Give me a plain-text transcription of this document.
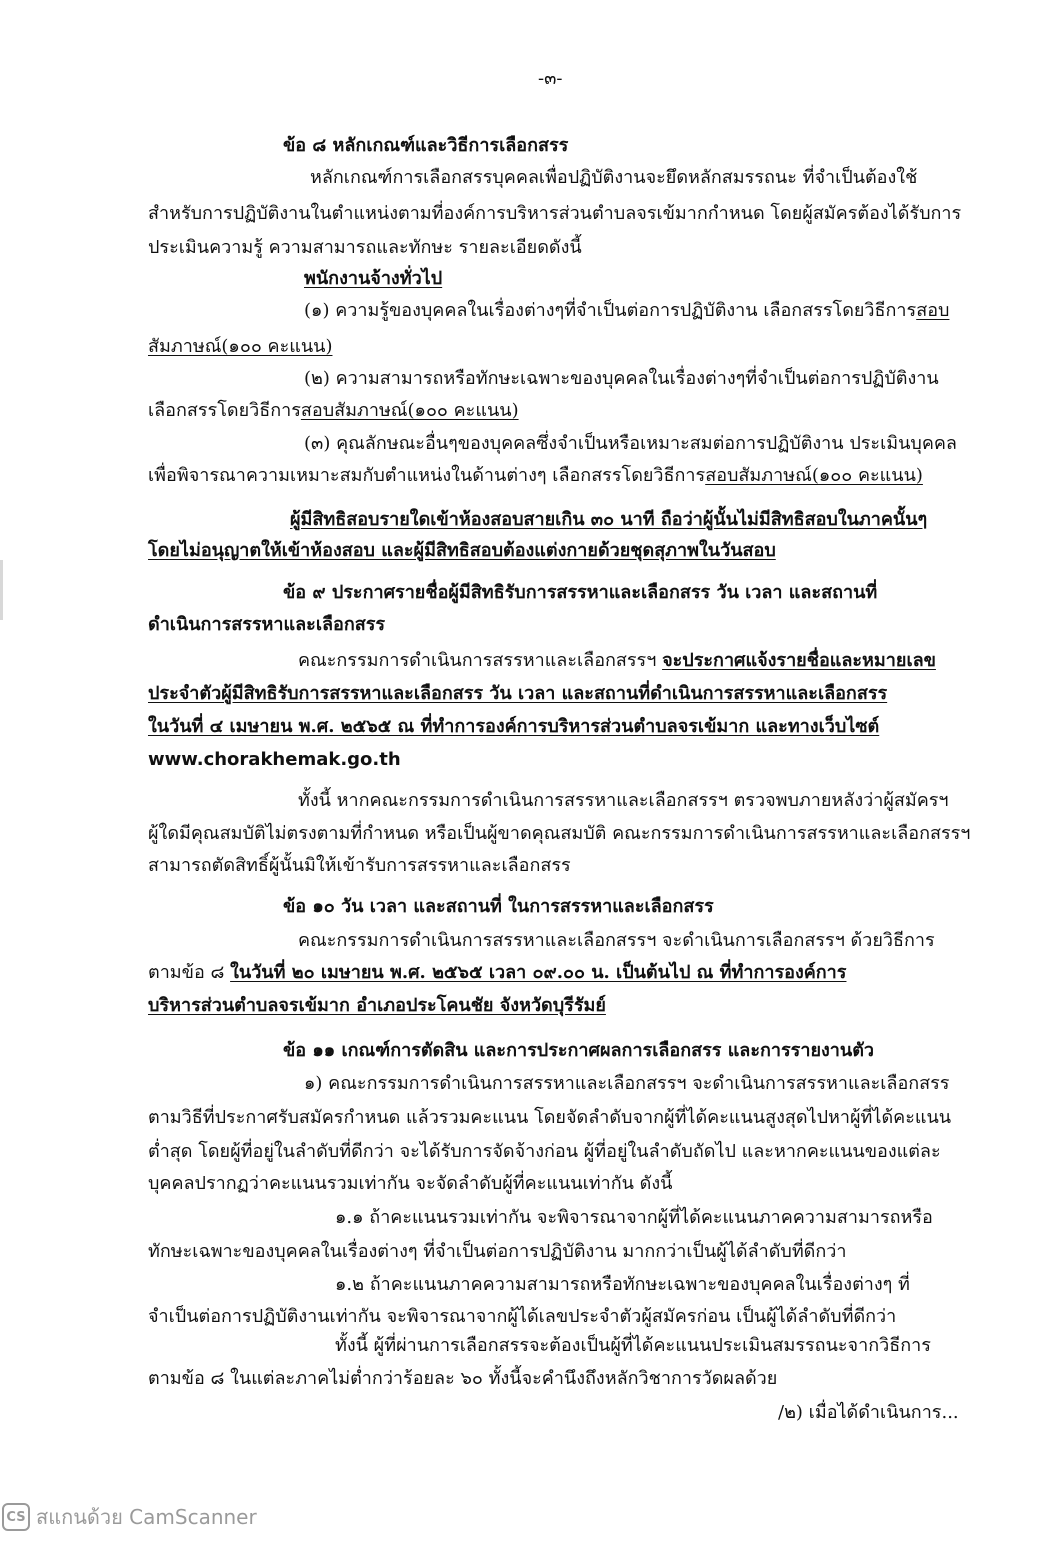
-๓-
ข้อ ๘ หลักเกณฑ์และวิธีการเลือกสรร
หลักเกณฑ์การเลือกสรรบุคคลเพื่อปฏิบัติงานจะยึดหลักสมรรถนะ ที่จำเป็นต้องใช้
สำหรับการปฏิบัติงานในตำแหน่งตามที่องค์การบริหารส่วนตำบลจรเข้มากกำหนด โดยผู้สมัครต้องได้รับการ
ประเมินความรู้ ความสามารถและทักษะ รายละเอียดดังนี้
พนักงานจ้างทั่วไป
(๑) ความรู้ของบุคคลในเรื่องต่างๆที่จำเป็นต่อการปฏิบัติงาน เลือกสรรโดยวิธีการสอบ
สัมภาษณ์(๑๐๐ คะแนน)
(๒) ความสามารถหรือทักษะเฉพาะของบุคคลในเรื่องต่างๆที่จำเป็นต่อการปฏิบัติงาน
เลือกสรรโดยวิธีการสอบสัมภาษณ์(๑๐๐ คะแนน)
(๓) คุณลักษณะอื่นๆของบุคคลซึ่งจำเป็นหรือเหมาะสมต่อการปฏิบัติงาน ประเมินบุคคล
เพื่อพิจารณาความเหมาะสมกับตำแหน่งในด้านต่างๆ เลือกสรรโดยวิธีการสอบสัมภาษณ์(๑๐๐ คะแนน)
ผู้มีสิทธิสอบรายใดเข้าห้องสอบสายเกิน ๓๐ นาที ถือว่าผู้นั้นไม่มีสิทธิสอบในภาคนั้นๆ
โดยไม่อนุญาตให้เข้าห้องสอบ และผู้มีสิทธิสอบต้องแต่งกายด้วยชุดสุภาพในวันสอบ
ข้อ ๙ ประกาศรายชื่อผู้มีสิทธิรับการสรรหาและเลือกสรร วัน เวลา และสถานที่
ดำเนินการสรรหาและเลือกสรร
คณะกรรมการดำเนินการสรรหาและเลือกสรรฯ จะประกาศแจ้งรายชื่อและหมายเลข
ประจำตัวผู้มีสิทธิรับการสรรหาและเลือกสรร วัน เวลา และสถานที่ดำเนินการสรรหาและเลือกสรร
ในวันที่ ๔ เมษายน พ.ศ. ๒๕๖๕ ณ ที่ทำการองค์การบริหารส่วนตำบลจรเข้มาก และทางเว็บไซต์
www.chorakhemak.go.th
ทั้งนี้ หากคณะกรรมการดำเนินการสรรหาและเลือกสรรฯ ตรวจพบภายหลังว่าผู้สมัครฯ
ผู้ใดมีคุณสมบัติไม่ตรงตามที่กำหนด หรือเป็นผู้ขาดคุณสมบัติ คณะกรรมการดำเนินการสรรหาและเลือกสรรฯ
สามารถตัดสิทธิ์ผู้นั้นมิให้เข้ารับการสรรหาและเลือกสรร
ข้อ ๑๐ วัน เวลา และสถานที่ ในการสรรหาและเลือกสรร
คณะกรรมการดำเนินการสรรหาและเลือกสรรฯ จะดำเนินการเลือกสรรฯ ด้วยวิธีการ
ตามข้อ ๘ ในวันที่ ๒๐ เมษายน พ.ศ. ๒๕๖๕ เวลา ๐๙.๐๐ น. เป็นต้นไป ณ ที่ทำการองค์การ
บริหารส่วนตำบลจรเข้มาก อำเภอประโคนชัย จังหวัดบุรีรัมย์
ข้อ ๑๑ เกณฑ์การตัดสิน และการประกาศผลการเลือกสรร และการรายงานตัว
๑) คณะกรรมการดำเนินการสรรหาและเลือกสรรฯ จะดำเนินการสรรหาและเลือกสรร
ตามวิธีที่ประกาศรับสมัครกำหนด แล้วรวมคะแนน โดยจัดลำดับจากผู้ที่ได้คะแนนสูงสุดไปหาผู้ที่ได้คะแนน
ต่ำสุด โดยผู้ที่อยู่ในลำดับที่ดีกว่า จะได้รับการจัดจ้างก่อน ผู้ที่อยู่ในลำดับถัดไป และหากคะแนนของแต่ละ
บุคคลปรากฏว่าคะแนนรวมเท่ากัน จะจัดลำดับผู้ที่คะแนนเท่ากัน ดังนี้
๑.๑ ถ้าคะแนนรวมเท่ากัน จะพิจารณาจากผู้ที่ได้คะแนนภาคความสามารถหรือ
ทักษะเฉพาะของบุคคลในเรื่องต่างๆ ที่จำเป็นต่อการปฏิบัติงาน มากกว่าเป็นผู้ได้ลำดับที่ดีกว่า
๑.๒ ถ้าคะแนนภาคความสามารถหรือทักษะเฉพาะของบุคคลในเรื่องต่างๆ ที่
จำเป็นต่อการปฏิบัติงานเท่ากัน จะพิจารณาจากผู้ได้เลขประจำตัวผู้สมัครก่อน เป็นผู้ได้ลำดับที่ดีกว่า
ทั้งนี้ ผู้ที่ผ่านการเลือกสรรจะต้องเป็นผู้ที่ได้คะแนนประเมินสมรรถนะจากวิธีการ
ตามข้อ ๘ ในแต่ละภาคไม่ต่ำกว่าร้อยละ ๖๐ ทั้งนี้จะคำนึงถึงหลักวิชาการวัดผลด้วย
/๒) เมื่อได้ดำเนินการ...
CS สแกนด้วย CamScanner
